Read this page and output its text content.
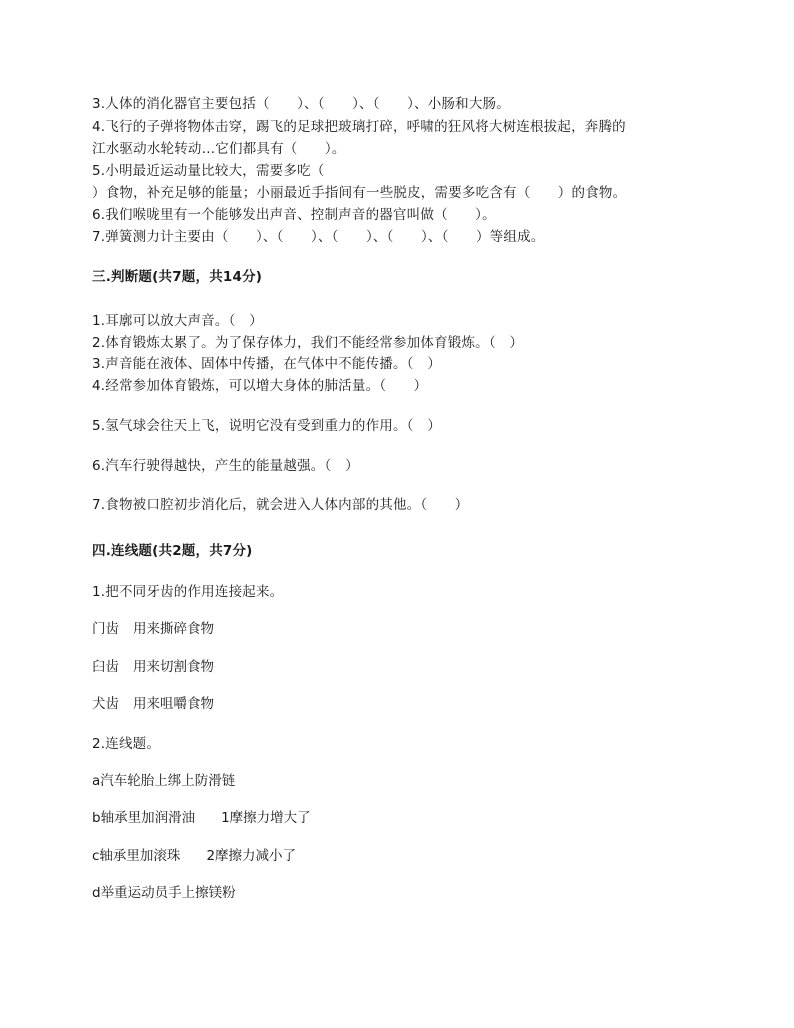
3.人体的消化器官主要包括（　　）、（　　）、（　　）、小肠和大肠。
4.飞行的子弹将物体击穿，踢飞的足球把玻璃打碎，呼啸的狂风将大树连根拔起，奔腾的
江水驱动水轮转动…它们都具有（　　）。
5.小明最近运动量比较大，需要多吃（
）食物，补充足够的能量；小丽最近手指间有一些脱皮，需要多吃含有（　　）的食物。
6.我们喉咙里有一个能够发出声音、控制声音的器官叫做（　　）。
7.弹簧测力计主要由（　　）、（　　）、（　　）、（　　）、（　　）等组成。
三.判断题(共7题，共14分)
1.耳廓可以放大声音。（　）
2.体育锻炼太累了。为了保存体力，我们不能经常参加体育锻炼。（　）
3.声音能在液体、固体中传播，在气体中不能传播。（　）
4.经常参加体育锻炼，可以增大身体的肺活量。（　　）
5.氢气球会往天上飞，说明它没有受到重力的作用。（　）
6.汽车行驶得越快，产生的能量越强。（　）
7.食物被口腔初步消化后，就会进入人体内部的其他。（　　）
四.连线题(共2题，共7分)
1.把不同牙齿的作用连接起来。
门齿 用来撕碎食物
臼齿 用来切割食物
犬齿 用来咀嚼食物
2.连线题。
a汽车轮胎上绑上防滑链
b轴承里加润滑油 1摩擦力增大了
c轴承里加滚珠 2摩擦力减小了
d举重运动员手上擦镁粉
